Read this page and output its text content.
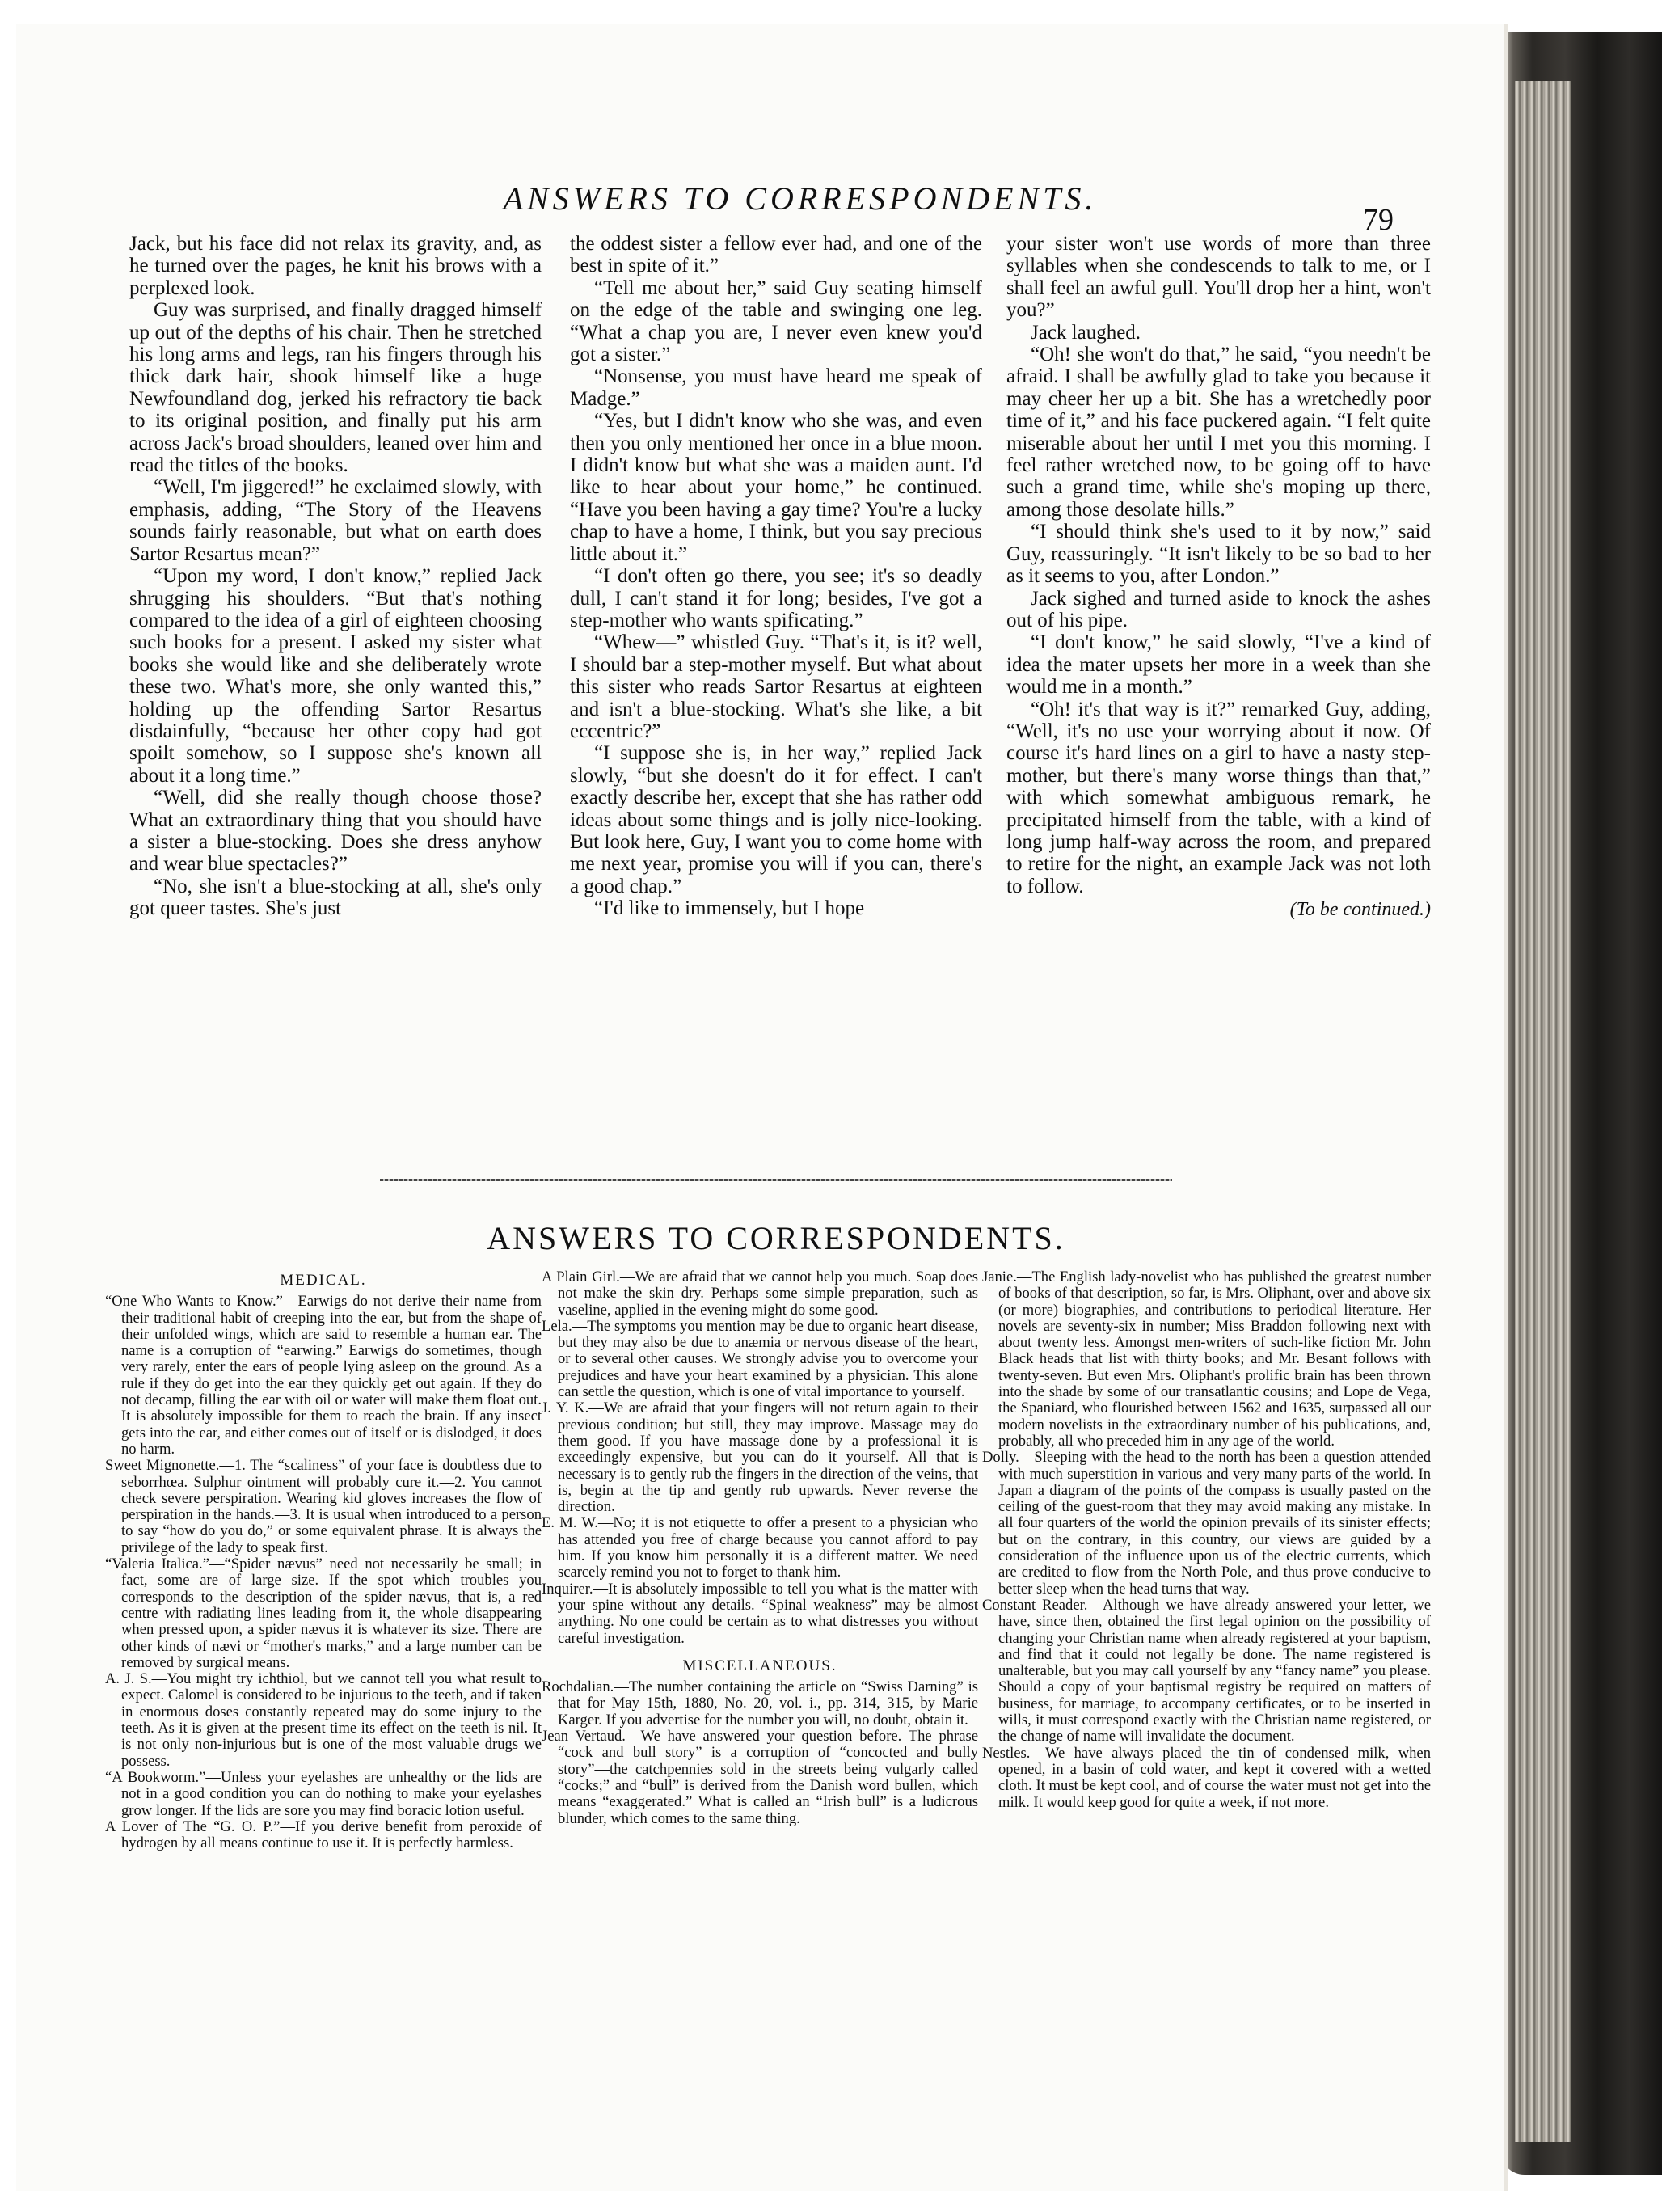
ANSWERS TO CORRESPONDENTS.
79

Jack, but his face did not relax its gravity, and, as he turned over the pages, he knit his brows with a perplexed look.

Guy was surprised, and finally dragged himself up out of the depths of his chair. Then he stretched his long arms and legs, ran his fingers through his thick dark hair, shook himself like a huge Newfoundland dog, jerked his refractory tie back to its original position, and finally put his arm across Jack's broad shoulders, leaned over him and read the titles of the books.

“Well, I'm jiggered!” he exclaimed slowly, with emphasis, adding, “The Story of the Heavens sounds fairly reasonable, but what on earth does Sartor Resartus mean?”

“Upon my word, I don't know,” replied Jack shrugging his shoulders. “But that's nothing compared to the idea of a girl of eighteen choosing such books for a present. I asked my sister what books she would like and she deliberately wrote these two. What's more, she only wanted this,” holding up the offending Sartor Resartus disdainfully, “because her other copy had got spoilt somehow, so I suppose she's known all about it a long time.”

“Well, did she really though choose those? What an extraordinary thing that you should have a sister a blue-stocking. Does she dress anyhow and wear blue spectacles?”

“No, she isn't a blue-stocking at all, she's only got queer tastes. She's just

the oddest sister a fellow ever had, and one of the best in spite of it.”

“Tell me about her,” said Guy seating himself on the edge of the table and swinging one leg. “What a chap you are, I never even knew you'd got a sister.”

“Nonsense, you must have heard me speak of Madge.”

“Yes, but I didn't know who she was, and even then you only mentioned her once in a blue moon. I didn't know but what she was a maiden aunt. I'd like to hear about your home,” he continued. “Have you been having a gay time? You're a lucky chap to have a home, I think, but you say precious little about it.”

“I don't often go there, you see; it's so deadly dull, I can't stand it for long; besides, I've got a step-mother who wants spificating.”

“Whew—” whistled Guy. “That's it, is it? well, I should bar a step-mother myself. But what about this sister who reads Sartor Resartus at eighteen and isn't a blue-stocking. What's she like, a bit eccentric?”

“I suppose she is, in her way,” replied Jack slowly, “but she doesn't do it for effect. I can't exactly describe her, except that she has rather odd ideas about some things and is jolly nice-looking. But look here, Guy, I want you to come home with me next year, promise you will if you can, there's a good chap.”

“I'd like to immensely, but I hope

your sister won't use words of more than three syllables when she condescends to talk to me, or I shall feel an awful gull. You'll drop her a hint, won't you?”

Jack laughed.

“Oh! she won't do that,” he said, “you needn't be afraid. I shall be awfully glad to take you because it may cheer her up a bit. She has a wretchedly poor time of it,” and his face puckered again. “I felt quite miserable about her until I met you this morning. I feel rather wretched now, to be going off to have such a grand time, while she's moping up there, among those desolate hills.”

“I should think she's used to it by now,” said Guy, reassuringly. “It isn't likely to be so bad to her as it seems to you, after London.”

Jack sighed and turned aside to knock the ashes out of his pipe.

“I don't know,” he said slowly, “I've a kind of idea the mater upsets her more in a week than she would me in a month.”

“Oh! it's that way is it?” remarked Guy, adding, “Well, it's no use your worrying about it now. Of course it's hard lines on a girl to have a nasty step-mother, but there's many worse things than that,” with which somewhat ambiguous remark, he precipitated himself from the table, with a kind of long jump half-way across the room, and prepared to retire for the night, an example Jack was not loth to follow.

(To be continued.)
ANSWERS TO CORRESPONDENTS.
MEDICAL.

“One Who Wants to Know.”—Earwigs do not derive their name from their traditional habit of creeping into the ear, but from the shape of their unfolded wings, which are said to resemble a human ear. The name is a corruption of “earwing.” Earwigs do sometimes, though very rarely, enter the ears of people lying asleep on the ground. As a rule if they do get into the ear they quickly get out again. If they do not decamp, filling the ear with oil or water will make them float out. It is absolutely impossible for them to reach the brain. If any insect gets into the ear, and either comes out of itself or is dislodged, it does no harm.

Sweet Mignonette.—1. The “scaliness” of your face is doubtless due to seborrhœa. Sulphur ointment will probably cure it.—2. You cannot check severe perspiration. Wearing kid gloves increases the flow of perspiration in the hands.—3. It is usual when introduced to a person to say “how do you do,” or some equivalent phrase. It is always the privilege of the lady to speak first.

“Valeria Italica.”—“Spider nævus” need not necessarily be small; in fact, some are of large size. If the spot which troubles you corresponds to the description of the spider nævus, that is, a red centre with radiating lines leading from it, the whole disappearing when pressed upon, a spider nævus it is whatever its size. There are other kinds of nævi or “mother's marks,” and a large number can be removed by surgical means.

A. J. S.—You might try ichthiol, but we cannot tell you what result to expect. Calomel is considered to be injurious to the teeth, and if taken in enormous doses constantly repeated may do some injury to the teeth. As it is given at the present time its effect on the teeth is nil. It is not only non-injurious but is one of the most valuable drugs we possess.

“A Bookworm.”—Unless your eyelashes are unhealthy or the lids are not in a good condition you can do nothing to make your eyelashes grow longer. If the lids are sore you may find boracic lotion useful.

A Lover of The “G. O. P.”—If you derive benefit from peroxide of hydrogen by all means continue to use it. It is perfectly harmless.

A Plain Girl.—We are afraid that we cannot help you much. Soap does not make the skin dry. Perhaps some simple preparation, such as vaseline, applied in the evening might do some good.

Lela.—The symptoms you mention may be due to organic heart disease, but they may also be due to anæmia or nervous disease of the heart, or to several other causes. We strongly advise you to overcome your prejudices and have your heart examined by a physician. This alone can settle the question, which is one of vital importance to yourself.

J. Y. K.—We are afraid that your fingers will not return again to their previous condition; but still, they may improve. Massage may do them good. If you have massage done by a professional it is exceedingly expensive, but you can do it yourself. All that is necessary is to gently rub the fingers in the direction of the veins, that is, begin at the tip and gently rub upwards. Never reverse the direction.

E. M. W.—No; it is not etiquette to offer a present to a physician who has attended you free of charge because you cannot afford to pay him. If you know him personally it is a different matter. We need scarcely remind you not to forget to thank him.

Inquirer.—It is absolutely impossible to tell you what is the matter with your spine without any details. “Spinal weakness” may be almost anything. No one could be certain as to what distresses you without careful investigation.

MISCELLANEOUS.

Rochdalian.—The number containing the article on “Swiss Darning” is that for May 15th, 1880, No. 20, vol. i., pp. 314, 315, by Marie Karger. If you advertise for the number you will, no doubt, obtain it.

Jean Vertaud.—We have answered your question before. The phrase “cock and bull story” is a corruption of “concocted and bully story”—the catchpennies sold in the streets being vulgarly called “cocks;” and “bull” is derived from the Danish word bullen, which means “exaggerated.” What is called an “Irish bull” is a ludicrous blunder, which comes to the same thing.

Janie.—The English lady-novelist who has published the greatest number of books of that description, so far, is Mrs. Oliphant, over and above six (or more) biographies, and contributions to periodical literature. Her novels are seventy-six in number; Miss Braddon following next with about twenty less. Amongst men-writers of such-like fiction Mr. John Black heads that list with thirty books; and Mr. Besant follows with twenty-seven. But even Mrs. Oliphant's prolific brain has been thrown into the shade by some of our transatlantic cousins; and Lope de Vega, the Spaniard, who flourished between 1562 and 1635, surpassed all our modern novelists in the extraordinary number of his publications, and, probably, all who preceded him in any age of the world.

Dolly.—Sleeping with the head to the north has been a question attended with much superstition in various and very many parts of the world. In Japan a diagram of the points of the compass is usually pasted on the ceiling of the guest-room that they may avoid making any mistake. In all four quarters of the world the opinion prevails of its sinister effects; but on the contrary, in this country, our views are guided by a consideration of the influence upon us of the electric currents, which are credited to flow from the North Pole, and thus prove conducive to better sleep when the head turns that way.

Constant Reader.—Although we have already answered your letter, we have, since then, obtained the first legal opinion on the possibility of changing your Christian name when already registered at your baptism, and find that it could not legally be done. The name registered is unalterable, but you may call yourself by any “fancy name” you please. Should a copy of your baptismal registry be required on matters of business, for marriage, to accompany certificates, or to be inserted in wills, it must correspond exactly with the Christian name registered, or the change of name will invalidate the document.

Nestles.—We have always placed the tin of condensed milk, when opened, in a basin of cold water, and kept it covered with a wetted cloth. It must be kept cool, and of course the water must not get into the milk. It would keep good for quite a week, if not more.
